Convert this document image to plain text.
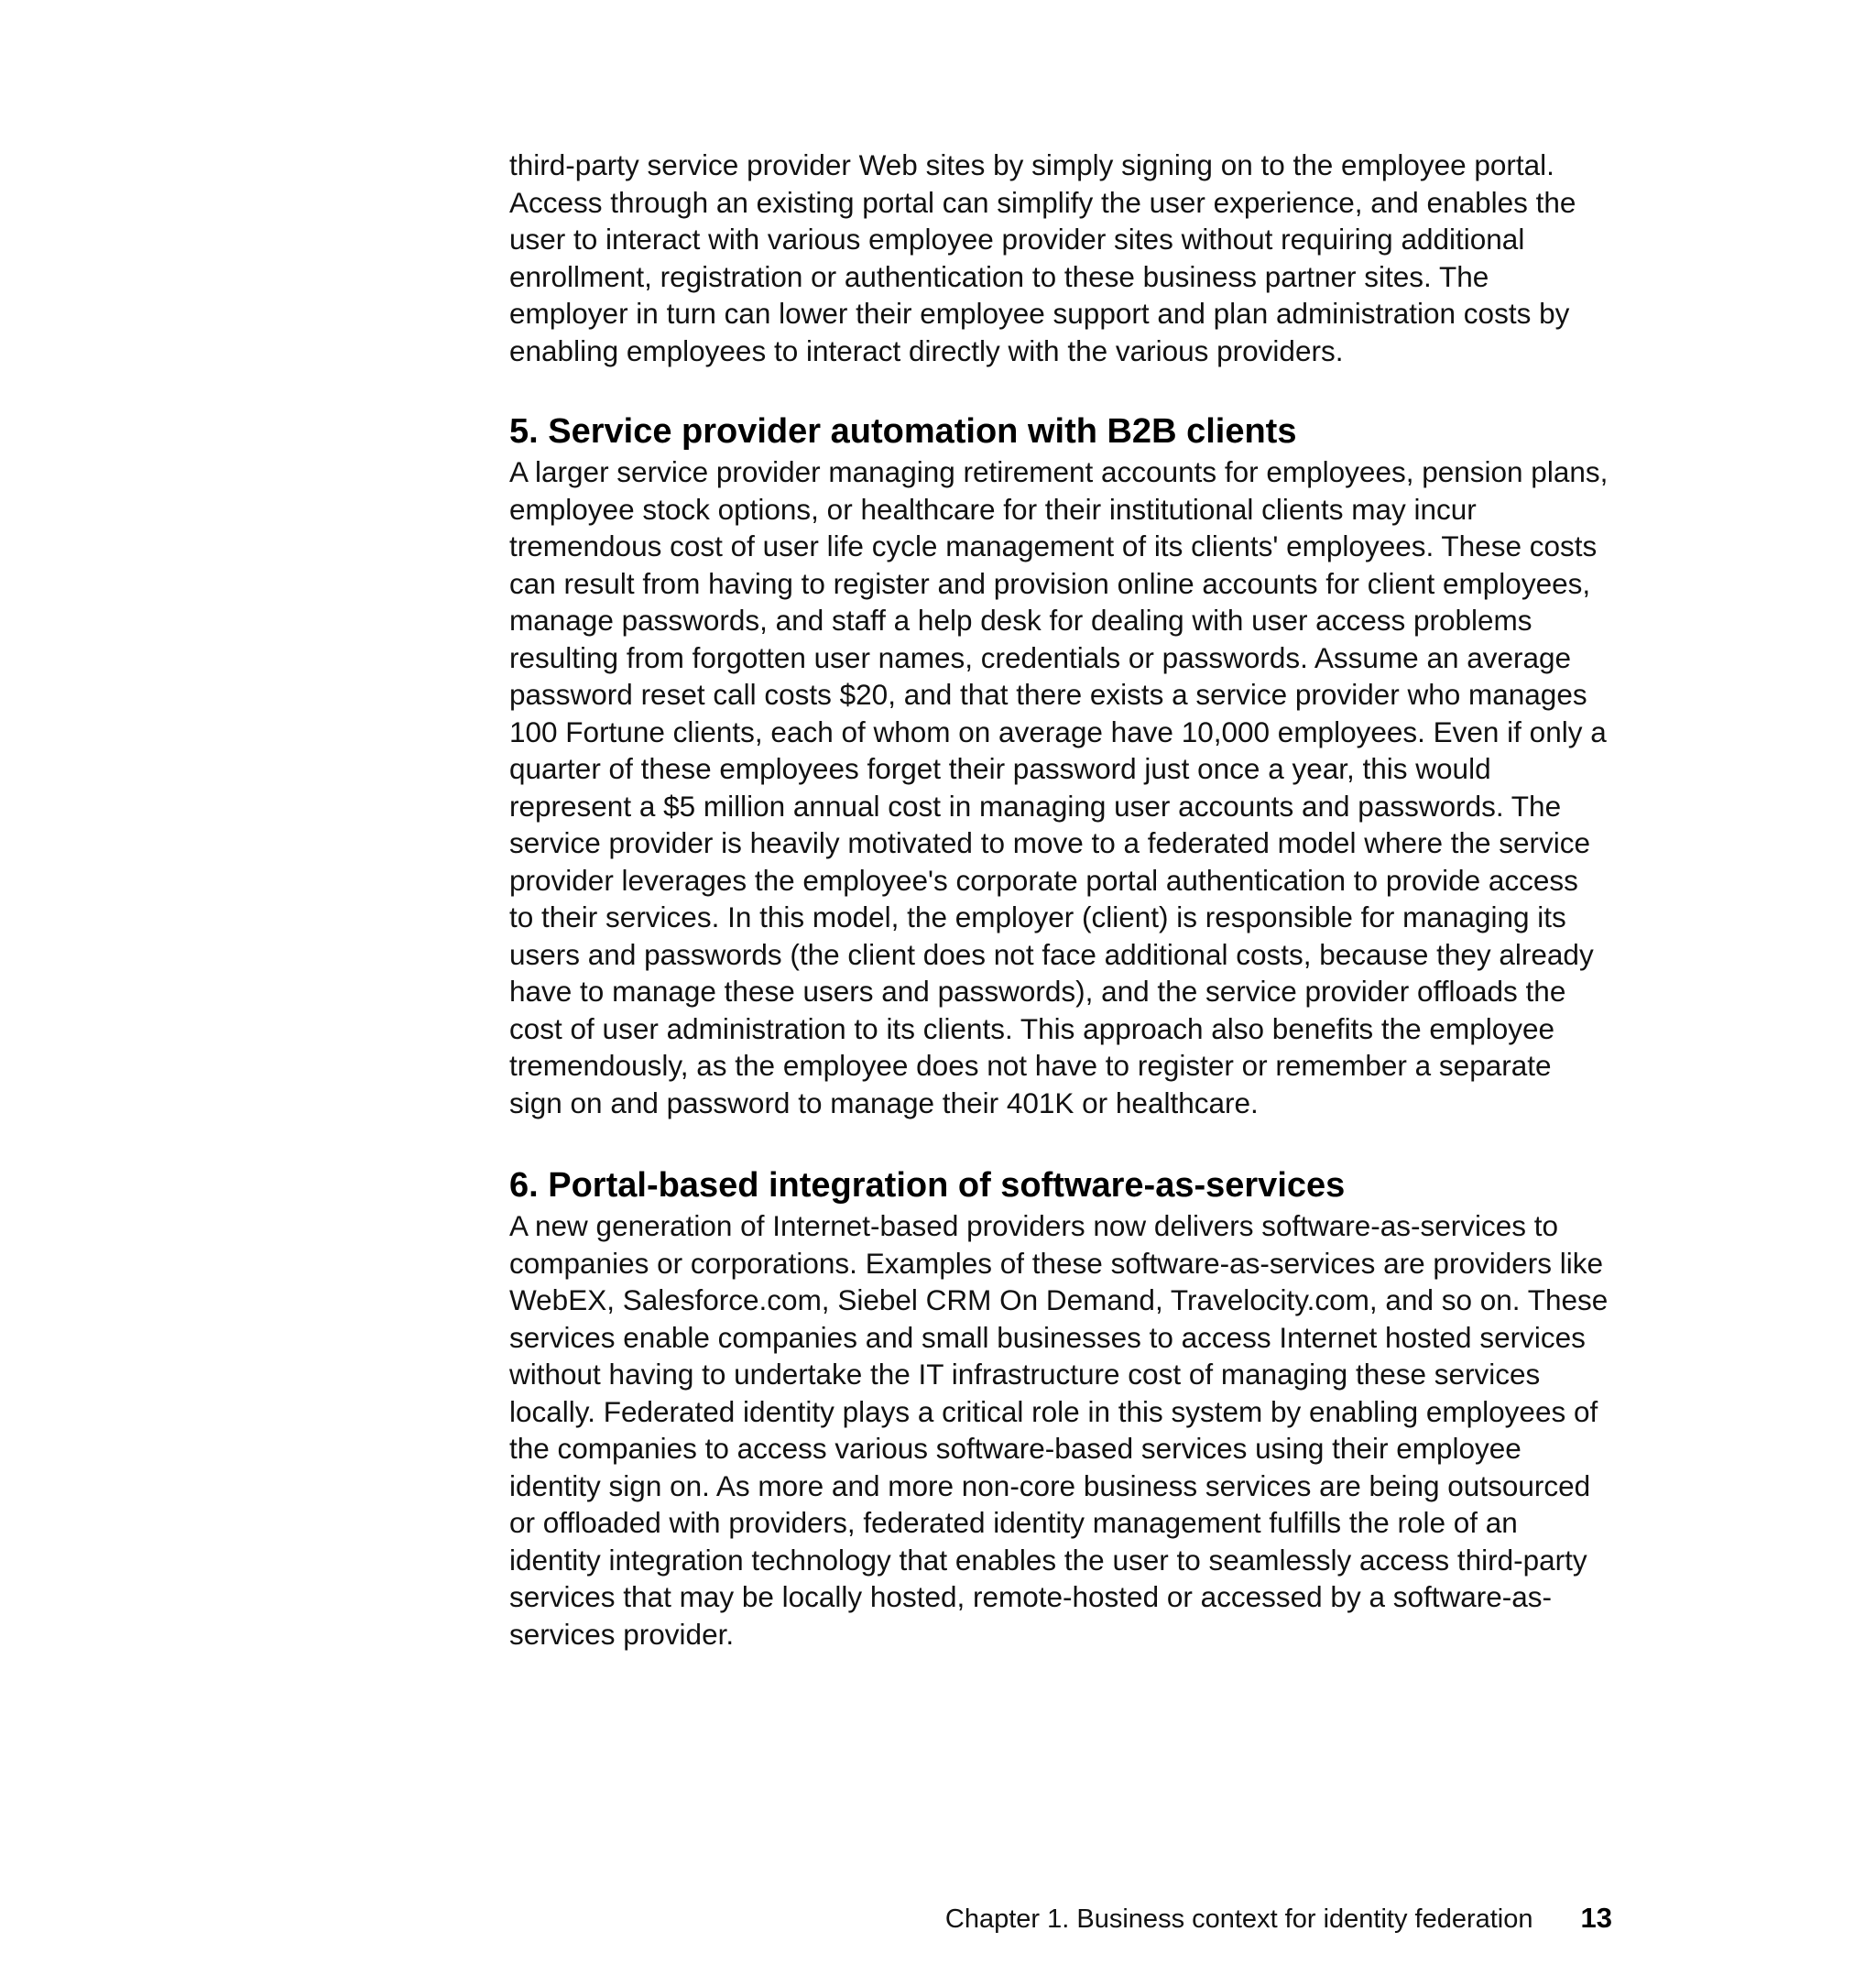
third-party service provider Web sites by simply signing on to the employee portal. Access through an existing portal can simplify the user experience, and enables the user to interact with various employee provider sites without requiring additional enrollment, registration or authentication to these business partner sites. The employer in turn can lower their employee support and plan administration costs by enabling employees to interact directly with the various providers.

5. Service provider automation with B2B clients

A larger service provider managing retirement accounts for employees, pension plans, employee stock options, or healthcare for their institutional clients may incur tremendous cost of user life cycle management of its clients' employees. These costs can result from having to register and provision online accounts for client employees, manage passwords, and staff a help desk for dealing with user access problems resulting from forgotten user names, credentials or passwords. Assume an average password reset call costs $20, and that there exists a service provider who manages 100 Fortune clients, each of whom on average have 10,000 employees. Even if only a quarter of these employees forget their password just once a year, this would represent a $5 million annual cost in managing user accounts and passwords. The service provider is heavily motivated to move to a federated model where the service provider leverages the employee's corporate portal authentication to provide access to their services. In this model, the employer (client) is responsible for managing its users and passwords (the client does not face additional costs, because they already have to manage these users and passwords), and the service provider offloads the cost of user administration to its clients. This approach also benefits the employee tremendously, as the employee does not have to register or remember a separate sign on and password to manage their 401K or healthcare.

6. Portal-based integration of software-as-services

A new generation of Internet-based providers now delivers software-as-services to companies or corporations. Examples of these software-as-services are providers like WebEX, Salesforce.com, Siebel CRM On Demand, Travelocity.com, and so on. These services enable companies and small businesses to access Internet hosted services without having to undertake the IT infrastructure cost of managing these services locally. Federated identity plays a critical role in this system by enabling employees of the companies to access various software-based services using their employee identity sign on. As more and more non-core business services are being outsourced or offloaded with providers, federated identity management fulfills the role of an identity integration technology that enables the user to seamlessly access third-party services that may be locally hosted, remote-hosted or accessed by a software-as-services provider.

Chapter 1. Business context for identity federation 13
